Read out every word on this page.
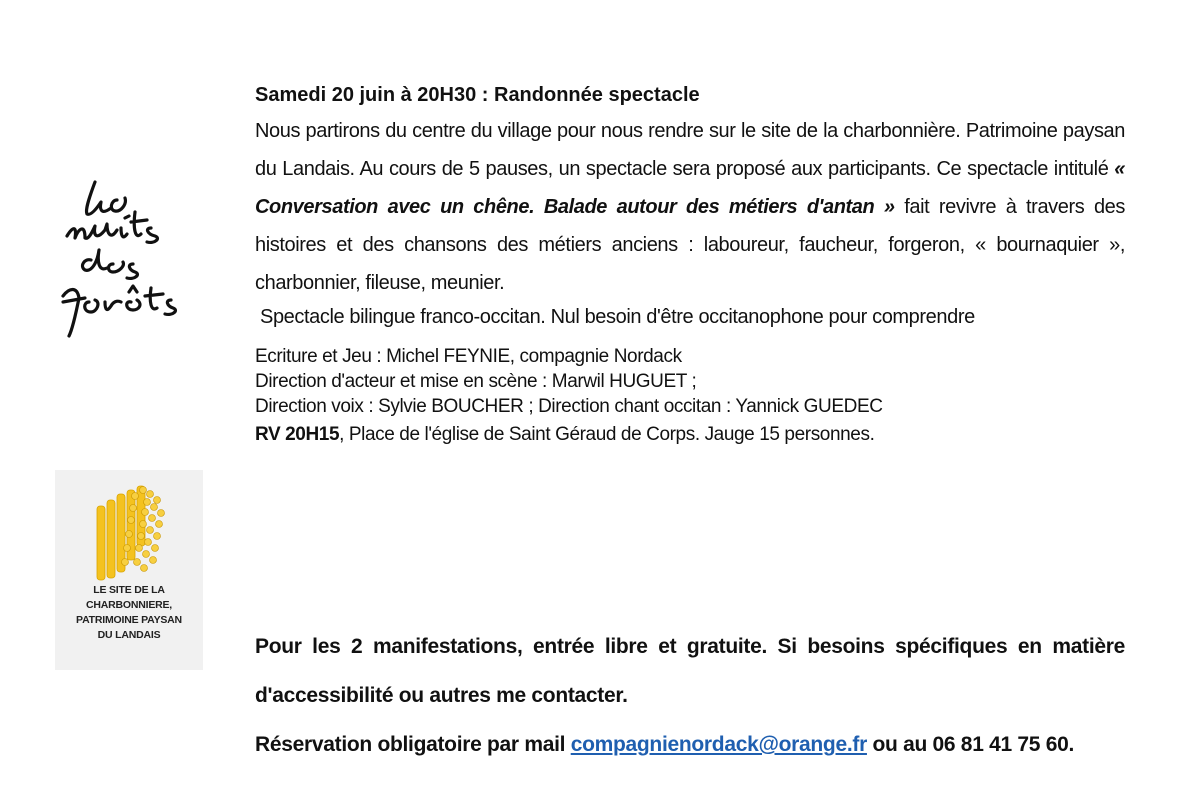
LE SITE DE LA
CHARBONNIERE,
PATRIMOINE PAYSAN
DU LANDAIS
Samedi 20 juin à 20H30 : Randonnée spectacle

Nous partirons du centre du village pour nous rendre sur le site de la charbonnière. Patrimoine paysan du Landais. Au cours de 5 pauses, un spectacle sera proposé aux participants. Ce spectacle intitulé « Conversation avec un chêne. Balade autour des métiers d'antan » fait revivre à travers des histoires et des chansons des métiers anciens : laboureur, faucheur, forgeron, « bournaquier », charbonnier, fileuse, meunier.

Spectacle bilingue franco-occitan. Nul besoin d'être occitanophone pour comprendre
Ecriture et Jeu : Michel FEYNIE, compagnie Nordack
Direction d'acteur et mise en scène : Marwil HUGUET ;
Direction voix : Sylvie BOUCHER ; Direction chant occitan : Yannick GUEDEC
RV 20H15, Place de l'église de Saint Géraud de Corps. Jauge 15 personnes.

Pour les 2 manifestations, entrée libre et gratuite. Si besoins spécifiques en matière d'accessibilité ou autres me contacter.

Réservation obligatoire par mail compagnienordack@orange.fr ou au 06 81 41 75 60.
